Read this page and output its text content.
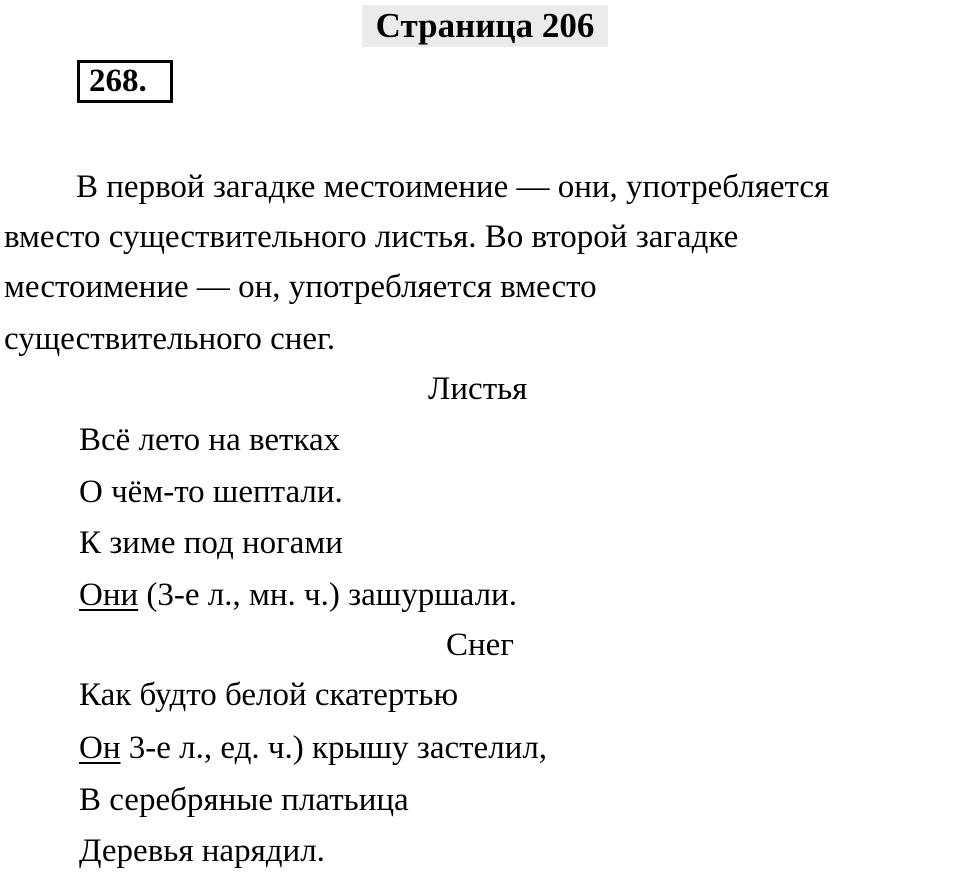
Страница 206
268.
В первой загадке местоимение — они, употребляется
вместо существительного листья. Во второй загадке
местоимение — он, употребляется вместо
существительного снег.
Листья
Всё лето на ветках
О чём-то шептали.
К зиме под ногами
Они (3-е л., мн. ч.) зашуршали.
Снег
Как будто белой скатертью
Он 3-е л., ед. ч.) крышу застелил,
В серебряные платьица
Деревья нарядил.
